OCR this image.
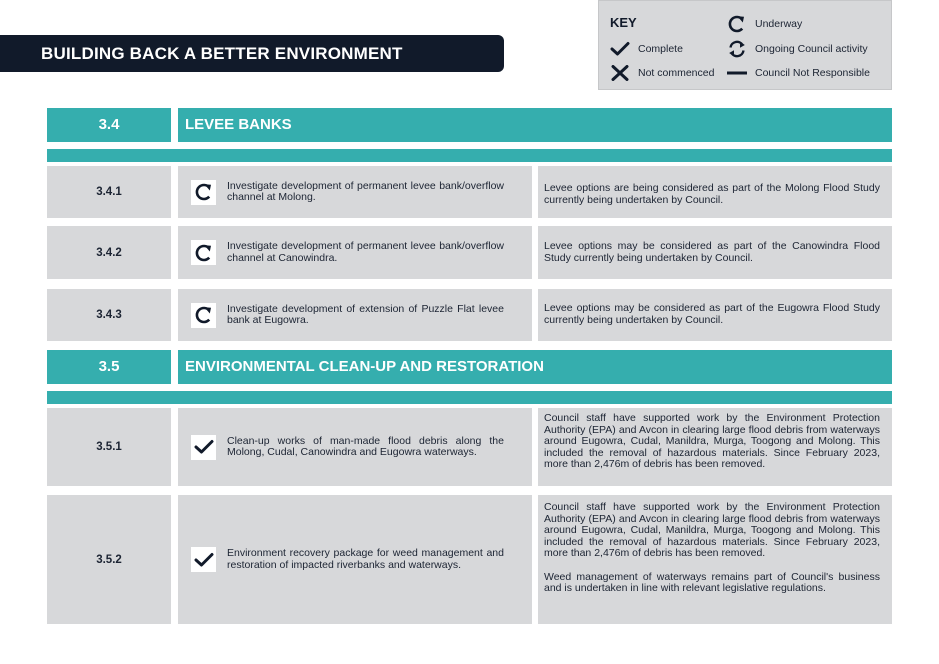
BUILDING BACK A BETTER ENVIRONMENT
KEY
Complete
Not commenced
Underway
Ongoing Council activity
Council Not Responsible
3.4	LEVEE BANKS
3.4.1
Investigate development of permanent levee bank/overflow channel at Molong.
Levee options are being considered as part of the Molong Flood Study currently being undertaken by Council.
3.4.2
Investigate development of permanent levee bank/overflow channel at Canowindra.
Levee options may be considered as part of the Canowindra Flood Study currently being undertaken by Council.
3.4.3
Investigate development of extension of Puzzle Flat levee bank at Eugowra.
Levee options may be considered as part of the Eugowra Flood Study currently being undertaken by Council.
3.5	ENVIRONMENTAL CLEAN-UP AND RESTORATION
3.5.1
Clean-up works of man-made flood debris along the Molong, Cudal, Canowindra and Eugowra waterways.
Council staff have supported work by the Environment Protection Authority (EPA) and Avcon in clearing large flood debris from waterways around Eugowra, Cudal, Manildra, Murga, Toogong and Molong. This included the removal of hazardous materials. Since February 2023, more than 2,476m of debris has been removed.
3.5.2
Environment recovery package for weed management and restoration of impacted riverbanks and waterways.
Council staff have supported work by the Environment Protection Authority (EPA) and Avcon in clearing large flood debris from waterways around Eugowra, Cudal, Manildra, Murga, Toogong and Molong. This included the removal of hazardous materials. Since February 2023, more than 2,476m of debris has been removed.
Weed management of waterways remains part of Council's business and is undertaken in line with relevant legislative regulations.
